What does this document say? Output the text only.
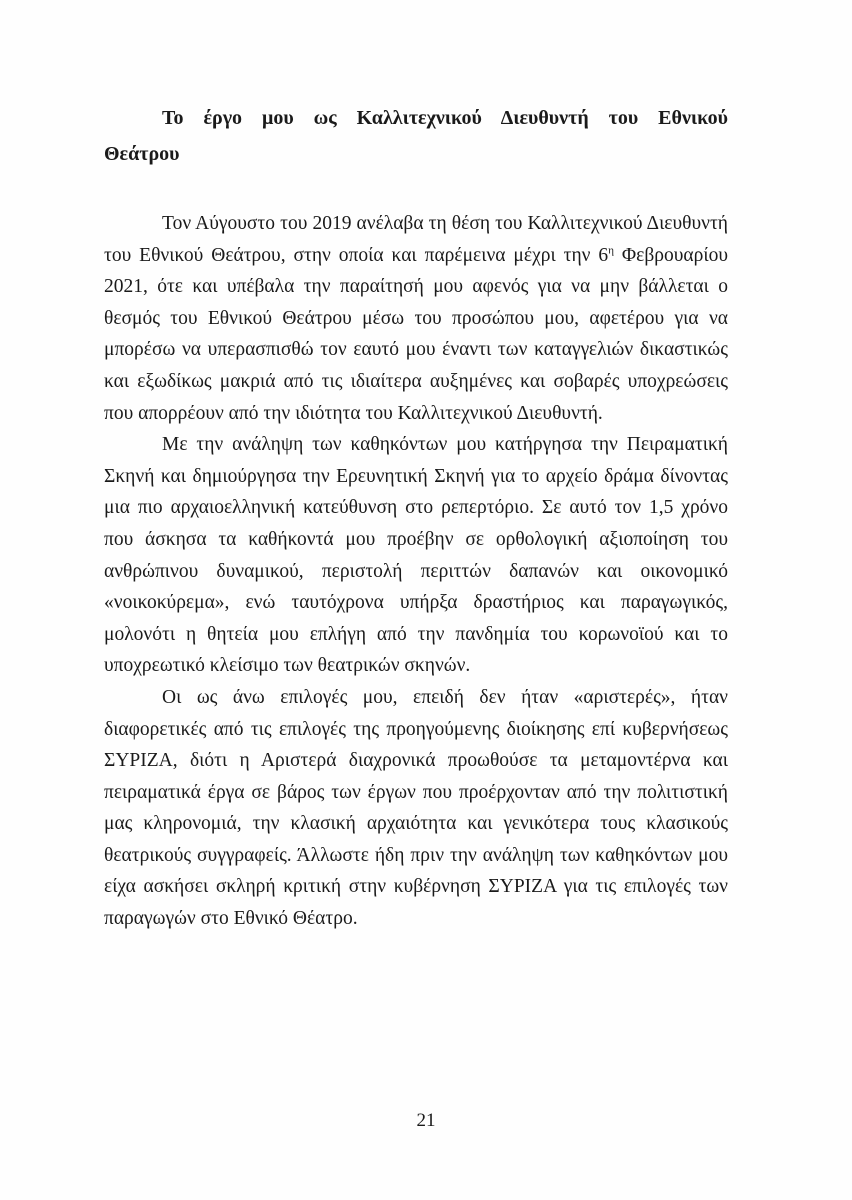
Το έργο μου ως Καλλιτεχνικού Διευθυντή του Εθνικού
Θεάτρου

Τον Αύγουστο του 2019 ανέλαβα τη θέση του Καλλιτεχνικού Διευθυντή του Εθνικού Θεάτρου, στην οποία και παρέμεινα μέχρι την $6^\eta$ Φεβρουαρίου 2021, ότε και υπέβαλα την παραίτησή μου αφενός για να μην βάλλεται ο θεσμός του Εθνικού Θεάτρου μέσω του προσώπου μου, αφετέρου για να μπορέσω να υπερασπισθώ τον εαυτό μου έναντι των καταγγελιών δικαστικώς και εξωδίκως μακριά από τις ιδιαίτερα αυξημένες και σοβαρές υποχρεώσεις που απορρέουν από την ιδιότητα του Καλλιτεχνικού Διευθυντή.

Με την ανάληψη των καθηκόντων μου κατήργησα την Πειραματική Σκηνή και δημιούργησα την Ερευνητική Σκηνή για το αρχείο δράμα δίνοντας μια πιο αρχαιοελληνική κατεύθυνση στο ρεπερτόριο. Σε αυτό τον 1,5 χρόνο που άσκησα τα καθήκοντά μου προέβην σε ορθολογική αξιοποίηση του ανθρώπινου δυναμικού, περιστολή περιττών δαπανών και οικονομικό «νοικοκύρεμα», ενώ ταυτόχρονα υπήρξα δραστήριος και παραγωγικός, μολονότι η θητεία μου επλήγη από την πανδημία του κορωνοϊού και το υποχρεωτικό κλείσιμο των θεατρικών σκηνών.

Οι ως άνω επιλογές μου, επειδή δεν ήταν «αριστερές», ήταν διαφορετικές από τις επιλογές της προηγούμενης διοίκησης επί κυβερνήσεως ΣΥΡΙΖΑ, διότι η Αριστερά διαχρονικά προωθούσε τα μεταμοντέρνα και πειραματικά έργα σε βάρος των έργων που προέρχονταν από την πολιτιστική μας κληρονομιά, την κλασική αρχαιότητα και γενικότερα τους κλασικούς θεατρικούς συγγραφείς. Άλλωστε ήδη πριν την ανάληψη των καθηκόντων μου είχα ασκήσει σκληρή κριτική στην κυβέρνηση ΣΥΡΙΖΑ για τις επιλογές των παραγωγών στο Εθνικό Θέατρο.

21
